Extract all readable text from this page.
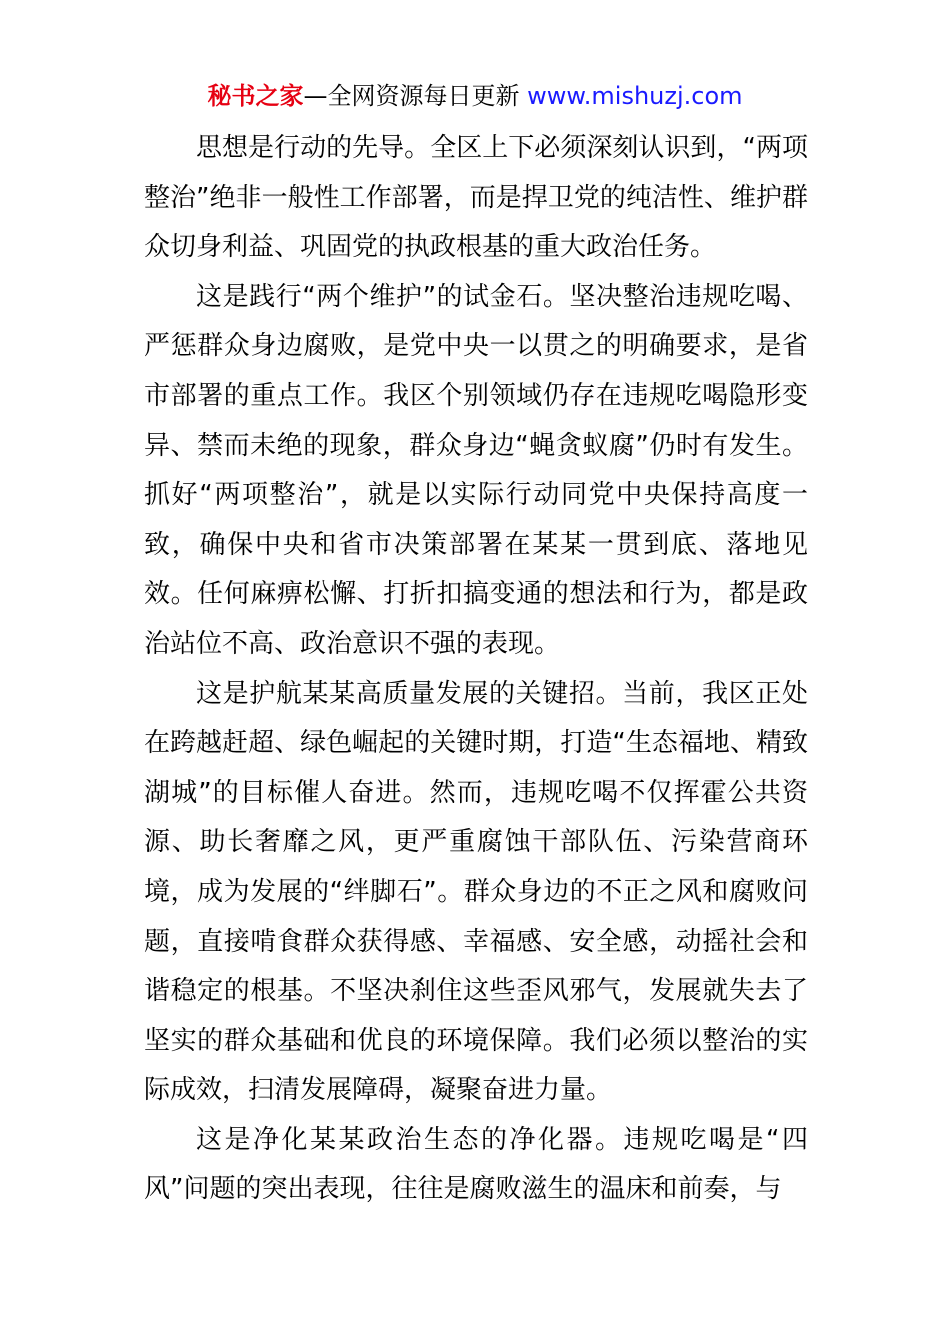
秘书之家—全网资源每日更新 www.mishuzj.com

思想是行动的先导。全区上下必须深刻认识到，“两项整治”绝非一般性工作部署，而是捍卫党的纯洁性、维护群众切身利益、巩固党的执政根基的重大政治任务。

这是践行“两个维护”的试金石。坚决整治违规吃喝、严惩群众身边腐败，是党中央一以贯之的明确要求，是省市部署的重点工作。我区个别领域仍存在违规吃喝隐形变异、禁而未绝的现象，群众身边“蝇贪蚁腐”仍时有发生。抓好“两项整治”，就是以实际行动同党中央保持高度一致，确保中央和省市决策部署在某某一贯到底、落地见效。任何麻痹松懈、打折扣搞变通的想法和行为，都是政治站位不高、政治意识不强的表现。

这是护航某某高质量发展的关键招。当前，我区正处在跨越赶超、绿色崛起的关键时期，打造“生态福地、精致湖城”的目标催人奋进。然而，违规吃喝不仅挥霍公共资源、助长奢靡之风，更严重腐蚀干部队伍、污染营商环境，成为发展的“绊脚石”。群众身边的不正之风和腐败问题，直接啃食群众获得感、幸福感、安全感，动摇社会和谐稳定的根基。不坚决刹住这些歪风邪气，发展就失去了坚实的群众基础和优良的环境保障。我们必须以整治的实际成效，扫清发展障碍，凝聚奋进力量。

这是净化某某政治生态的净化器。违规吃喝是“四风”问题的突出表现，往往是腐败滋生的温床和前奏，与
